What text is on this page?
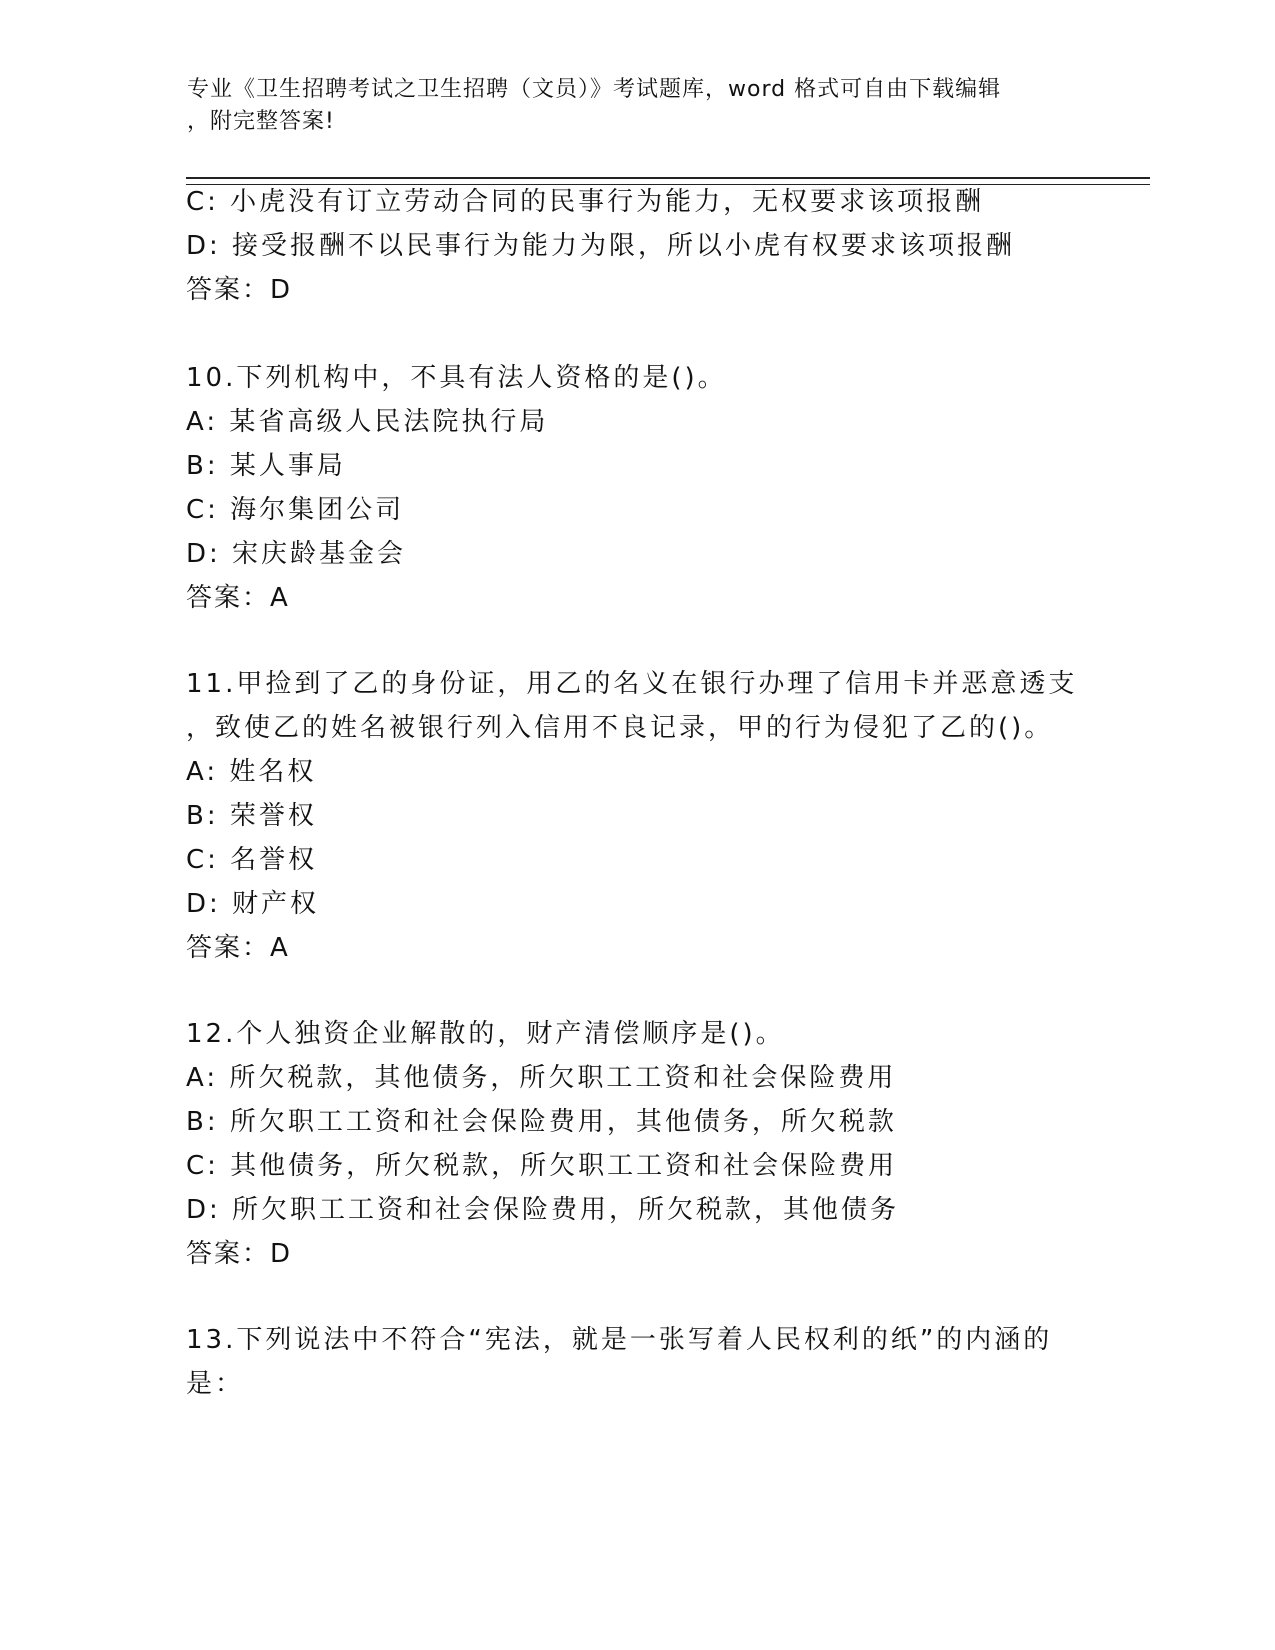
专业《卫生招聘考试之卫生招聘（文员）》考试题库，word 格式可自由下载编辑
，附完整答案!
C: 小虎没有订立劳动合同的民事行为能力，无权要求该项报酬
D: 接受报酬不以民事行为能力为限，所以小虎有权要求该项报酬
答案：D
10.下列机构中，不具有法人资格的是()。
A: 某省高级人民法院执行局
B: 某人事局
C: 海尔集团公司
D: 宋庆龄基金会
答案：A
11.甲捡到了乙的身份证，用乙的名义在银行办理了信用卡并恶意透支
，致使乙的姓名被银行列入信用不良记录，甲的行为侵犯了乙的()。
A: 姓名权
B: 荣誉权
C: 名誉权
D: 财产权
答案：A
12.个人独资企业解散的，财产清偿顺序是()。
A: 所欠税款，其他债务，所欠职工工资和社会保险费用
B: 所欠职工工资和社会保险费用，其他债务，所欠税款
C: 其他债务，所欠税款，所欠职工工资和社会保险费用
D: 所欠职工工资和社会保险费用，所欠税款，其他债务
答案：D
13.下列说法中不符合“宪法，就是一张写着人民权利的纸”的内涵的
是：
